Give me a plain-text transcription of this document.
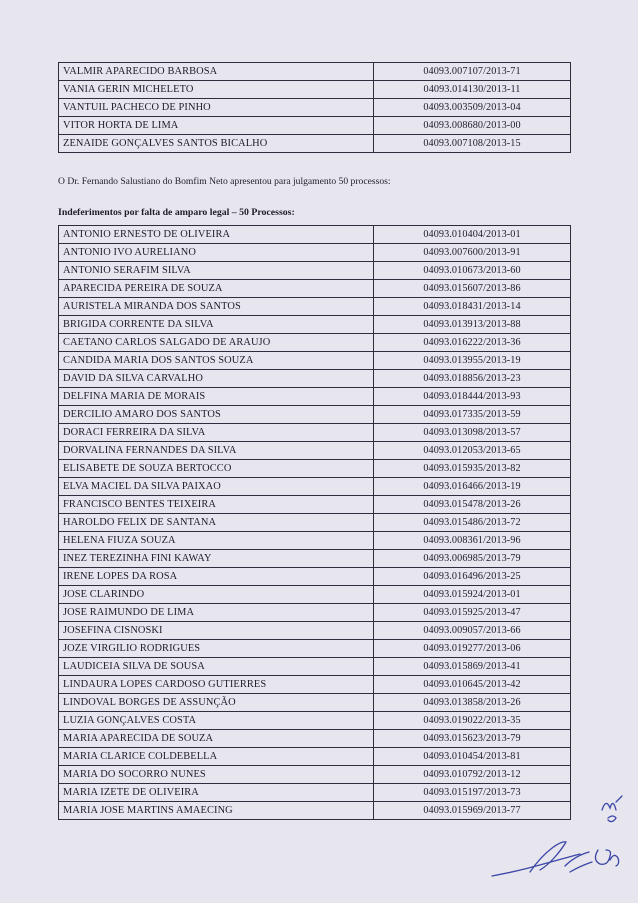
VALMIR APARECIDO BARBOSA	04093.007107/2013-71
VANIA GERIN MICHELETO	04093.014130/2013-11
VANTUIL PACHECO DE PINHO	04093.003509/2013-04
VITOR HORTA DE LIMA	04093.008680/2013-00
ZENAIDE GONÇALVES SANTOS BICALHO	04093.007108/2013-15
O Dr. Fernando Salustiano do Bomfim Neto apresentou para julgamento 50 processos:
Indeferimentos por falta de amparo legal – 50 Processos:
ANTONIO ERNESTO DE OLIVEIRA	04093.010404/2013-01
ANTONIO IVO AURELIANO	04093.007600/2013-91
ANTONIO SERAFIM SILVA	04093.010673/2013-60
APARECIDA PEREIRA DE SOUZA	04093.015607/2013-86
AURISTELA MIRANDA DOS SANTOS	04093.018431/2013-14
BRIGIDA CORRENTE DA SILVA	04093.013913/2013-88
CAETANO CARLOS SALGADO DE ARAUJO	04093.016222/2013-36
CANDIDA MARIA DOS SANTOS SOUZA	04093.013955/2013-19
DAVID DA SILVA CARVALHO	04093.018856/2013-23
DELFINA MARIA DE MORAIS	04093.018444/2013-93
DERCILIO AMARO DOS SANTOS	04093.017335/2013-59
DORACI FERREIRA DA SILVA	04093.013098/2013-57
DORVALINA FERNANDES DA SILVA	04093.012053/2013-65
ELISABETE DE SOUZA BERTOCCO	04093.015935/2013-82
ELVA MACIEL DA SILVA PAIXAO	04093.016466/2013-19
FRANCISCO BENTES TEIXEIRA	04093.015478/2013-26
HAROLDO FELIX DE SANTANA	04093.015486/2013-72
HELENA FIUZA SOUZA	04093.008361/2013-96
INEZ TEREZINHA FINI KAWAY	04093.006985/2013-79
IRENE LOPES DA ROSA	04093.016496/2013-25
JOSE CLARINDO	04093.015924/2013-01
JOSE RAIMUNDO DE LIMA	04093.015925/2013-47
JOSEFINA CISNOSKI	04093.009057/2013-66
JOZE VIRGILIO RODRIGUES	04093.019277/2013-06
LAUDICEIA SILVA DE SOUSA	04093.015869/2013-41
LINDAURA LOPES CARDOSO GUTIERRES	04093.010645/2013-42
LINDOVAL BORGES DE ASSUNÇÃO	04093.013858/2013-26
LUZIA GONÇALVES COSTA	04093.019022/2013-35
MARIA APARECIDA DE SOUZA	04093.015623/2013-79
MARIA CLARICE COLDEBELLA	04093.010454/2013-81
MARIA DO SOCORRO NUNES	04093.010792/2013-12
MARIA IZETE DE OLIVEIRA	04093.015197/2013-73
MARIA JOSE MARTINS AMAECING	04093.015969/2013-77
